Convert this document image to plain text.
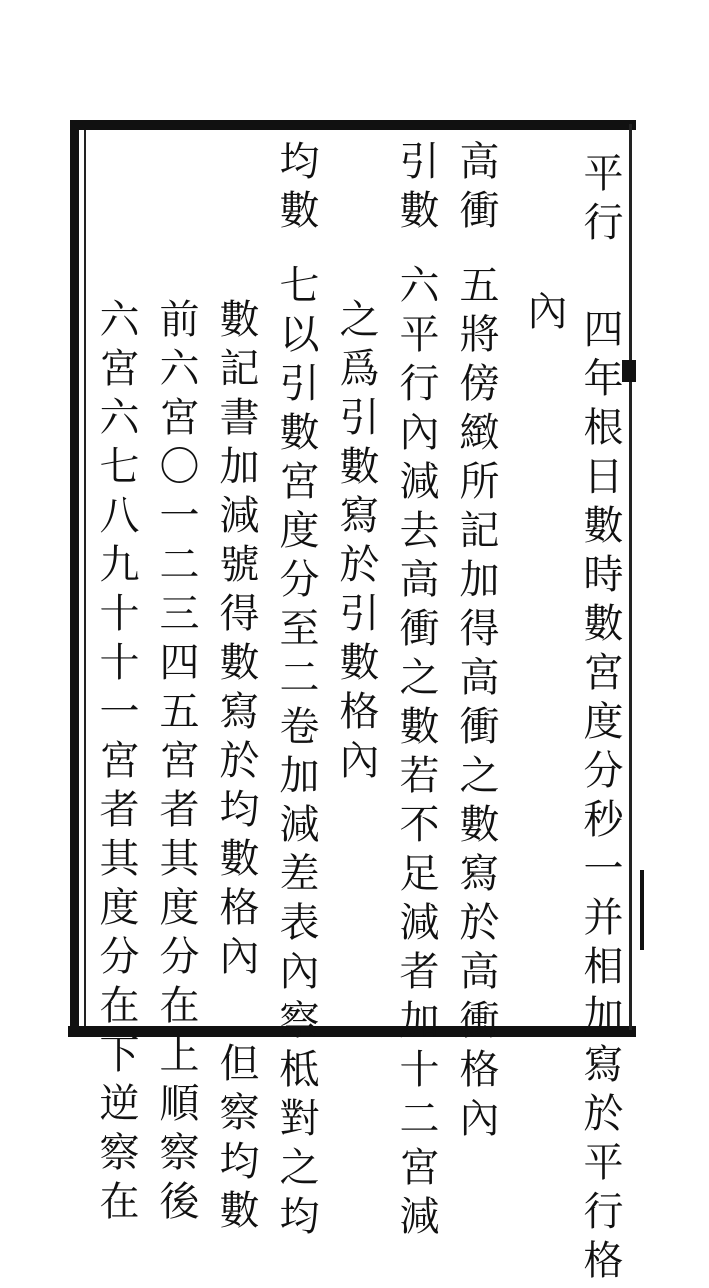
平行四年根日數時數宮度分秒一并相加寫於平行格
內
高衝五將傍緻所記加得高衝之數寫於高衝格內
引數六平行內減去高衝之數若不足減者加十二宮減
之爲引數寫於引數格內
均數七以引數宮度分至二卷加減差表內察柢對之均
數記書加減號得數寫於均數格內但察均數
前六宮〇一二三四五宮者其度分在上順察後
六宮六七八九十十一宮者其度分在下逆察在
